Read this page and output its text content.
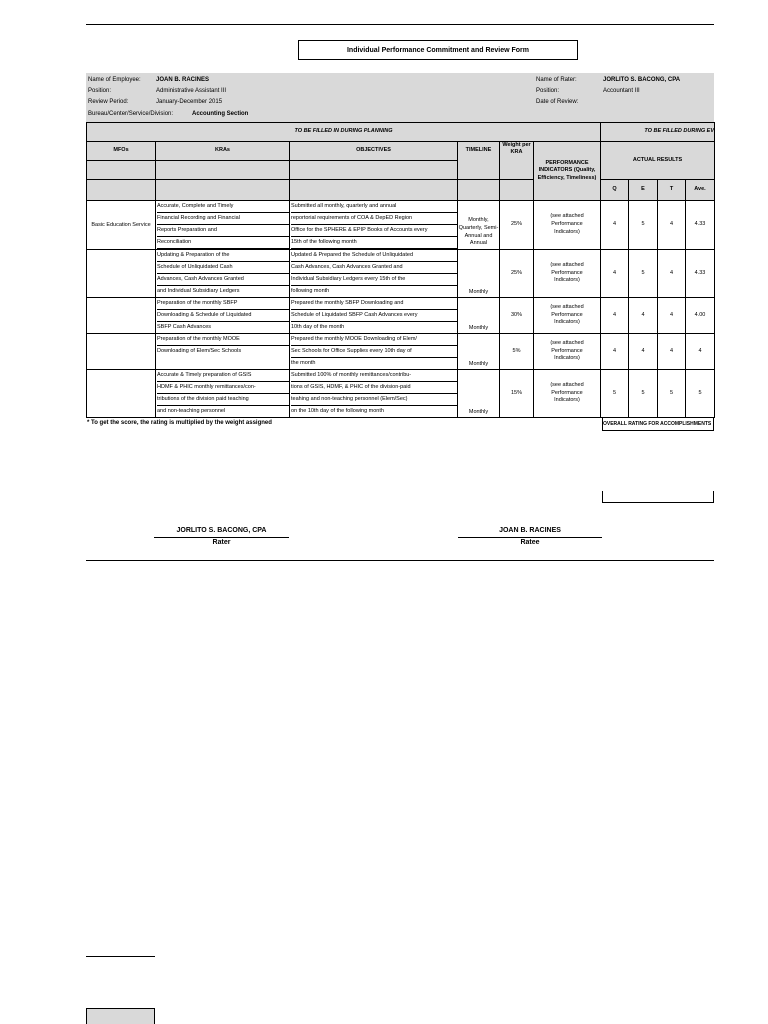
Individual Performance Commitment and Review Form
Name of Employee:	JOAN B. RACINES
Position:	Administrative Assistant III
Review Period:	January-December 2015
Bureau/Center/Service/Division:	Accounting Section
Name of Rater:	JORLITO S. BACONG, CPA
Position:	Accountant III
Date of Review:
TO BE FILLED IN DURING PLANNING						TO BE FILLED DURING EV			
MFOs	KRAs	OBJECTIVES	TIMELINE	Weight per KRA	PERFORMANCE INDICATORS (Quality, Efficiency, Timeliness)	ACTUAL RESULTS			

						Q	E	T	Ave.
Basic Education Service	Accurate, Complete and Timely
Financial Recording and Financial
Reports Preparation and
Reconciliation	Submitted all monthly, quarterly and annual
reportorial requirements of COA & DepED Region
Office for the SPHERE & EPIP Books of Accounts every
15th of the following month	Monthly, Quarterly, Semi-Annual and Annual	25%	(see attached Performance Indicators)	4	5	4	4.33

	Updating & Preparation of the
Schedule of Unliquidated Cash
Advances, Cash Advances Granted
and Individual Subsidiary Ledgers	Updated & Prepared the Schedule of Unliquidated
Cash Advances, Cash Advances Granted and
Individual Subsidiary Ledgers every 15th of the
following month	Monthly	25%	(see attached Performance Indicators)	4	5	4	4.33

	Preparation of the monthly SBFP
Downloading & Schedule of Liquidated
SBFP Cash Advances	Prepared the monthly SBFP Downloading and
Schedule of Liquidated SBFP Cash Advances every
10th day of the month	Monthly	30%	(see attached Performance Indicators)	4	4	4	4.00

	Preparation of the monthly MOOE
Downloading of Elem/Sec Schools	Prepared the monthly MOOE Downloading of Elem/
Sec Schools for Office Supplies every 10th day of
the month	Monthly	5%	(see attached Performance Indicators)	4	4	4	4

	Accurate & Timely preparation of GSIS
HDMF & PHIC monthly remittances/con-
tributions of the division paid teaching
and non-teaching personnel	Submitted 100% of monthly remittances/contribu-
tions of GSIS, HDMF, & PHIC of the division-paid
teahing and non-teaching personnel (Elem/Sec)
on the 10th day of the following month	Monthly	15%	(see attached Performance Indicators)	5	5	5	5
* To get the score, the rating is multiplied by the weight assigned	OVERALL RATING FOR ACCOMPLISHMENTS
JORLITO S. BACONG, CPA
Rater
JOAN B. RACINES
Ratee
